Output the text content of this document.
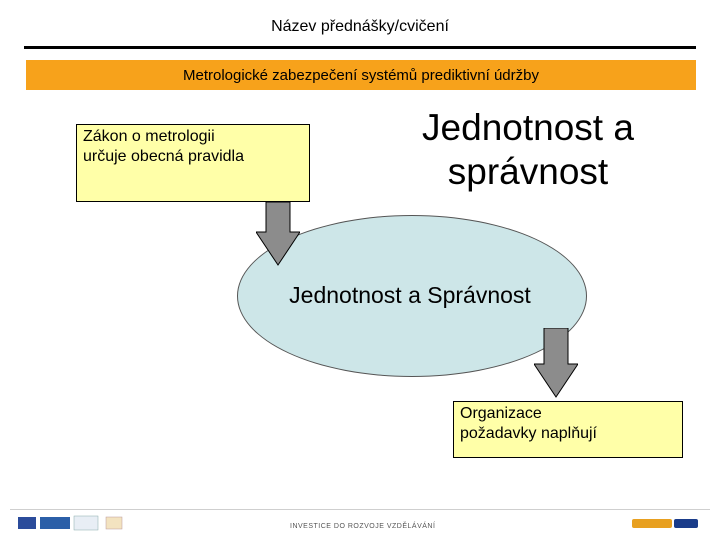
Název přednášky/cvičení
Metrologické zabezpečení systémů prediktivní údržby
Zákon o metrologii
určuje obecná pravidla
Jednotnost a
správnost
Jednotnost a Správnost
Organizace
požadavky naplňují
INVESTICE DO ROZVOJE VZDĚLÁVÁNÍ
